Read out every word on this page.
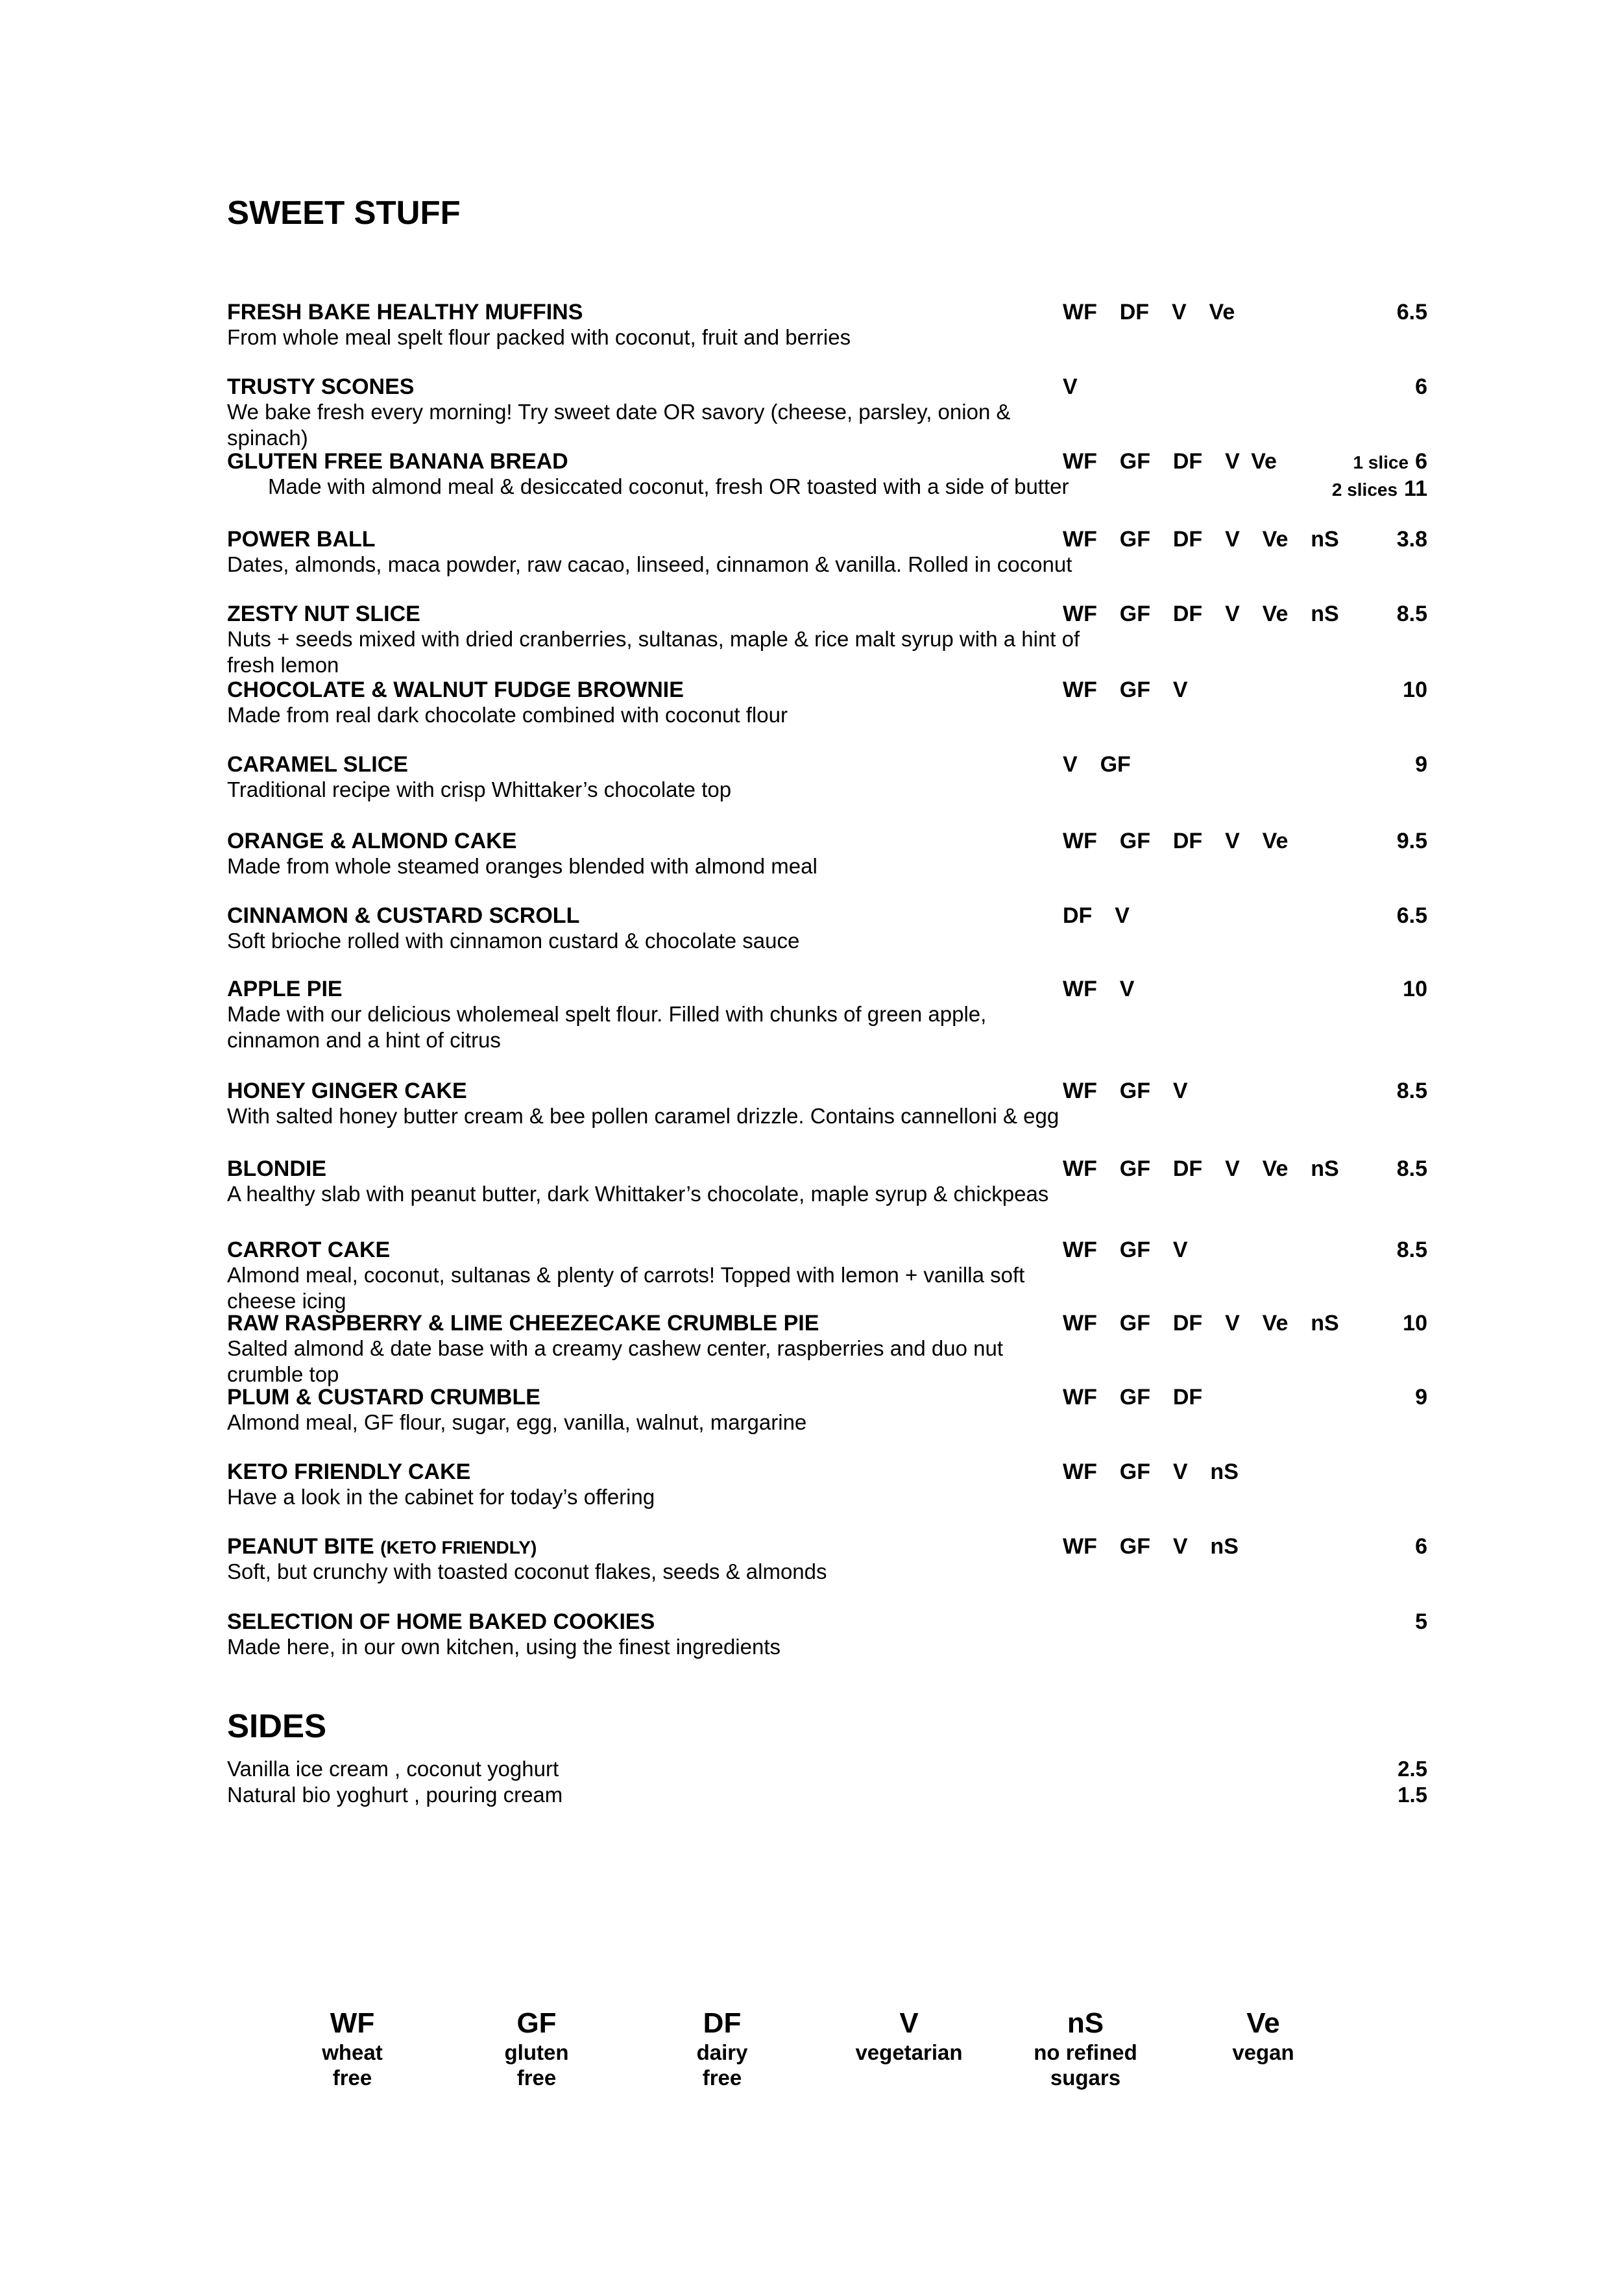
SWEET STUFF
FRESH BAKE HEALTHY MUFFINS	WF  DF  V  Ve	6.5
From whole meal spelt flour packed with coconut, fruit and berries
TRUSTY SCONES	V	6
We bake fresh every morning! Try sweet date OR savory (cheese, parsley, onion & spinach)
GLUTEN FREE BANANA BREAD	WF  GF  DF  V Ve	1 slice 6
2 slices 11
Made with almond meal & desiccated coconut, fresh OR toasted with a side of butter
POWER BALL	WF  GF  DF  V  Ve  nS	3.8
Dates, almonds, maca powder, raw cacao, linseed, cinnamon & vanilla. Rolled in coconut
ZESTY NUT SLICE	WF  GF  DF  V  Ve  nS	8.5
Nuts + seeds mixed with dried cranberries, sultanas, maple & rice malt syrup with a hint of fresh lemon
CHOCOLATE & WALNUT FUDGE BROWNIE	WF  GF  V	10
Made from real dark chocolate combined with coconut flour
CARAMEL SLICE	V  GF	9
Traditional recipe with crisp Whittaker’s chocolate top
ORANGE & ALMOND CAKE	WF  GF  DF  V  Ve	9.5
Made from whole steamed oranges blended with almond meal
CINNAMON & CUSTARD SCROLL	DF  V	6.5
Soft brioche rolled with cinnamon custard & chocolate sauce
APPLE PIE	WF  V	10
Made with our delicious wholemeal spelt flour. Filled with chunks of green apple, cinnamon and a hint of citrus
HONEY GINGER CAKE	WF  GF  V	8.5
With salted honey butter cream & bee pollen caramel drizzle. Contains cannelloni & egg
BLONDIE	WF  GF  DF  V  Ve  nS	8.5
A healthy slab with peanut butter, dark Whittaker’s chocolate, maple syrup & chickpeas
CARROT CAKE	WF  GF  V	8.5
Almond meal, coconut, sultanas & plenty of carrots! Topped with lemon + vanilla soft cheese icing
RAW RASPBERRY & LIME CHEEZECAKE CRUMBLE PIE	WF  GF  DF  V  Ve  nS	10
Salted almond & date base with a creamy cashew center, raspberries and duo nut crumble top
PLUM & CUSTARD CRUMBLE	WF  GF  DF	9
Almond meal, GF flour, sugar, egg, vanilla, walnut, margarine
KETO FRIENDLY CAKE	WF  GF  V  nS
Have a look in the cabinet for today’s offering
PEANUT BITE (KETO FRIENDLY)	WF  GF  V  nS	6
Soft, but crunchy with toasted coconut flakes, seeds & almonds
SELECTION OF HOME BAKED COOKIES	5
Made here, in our own kitchen, using the finest ingredients
SIDES
Vanilla ice cream , coconut yoghurt	2.5
Natural bio yoghurt , pouring cream	1.5
WF
wheat
free
GF
gluten
free
DF
dairy
free
V
vegetarian
nS
no refined
sugars
Ve
vegan
